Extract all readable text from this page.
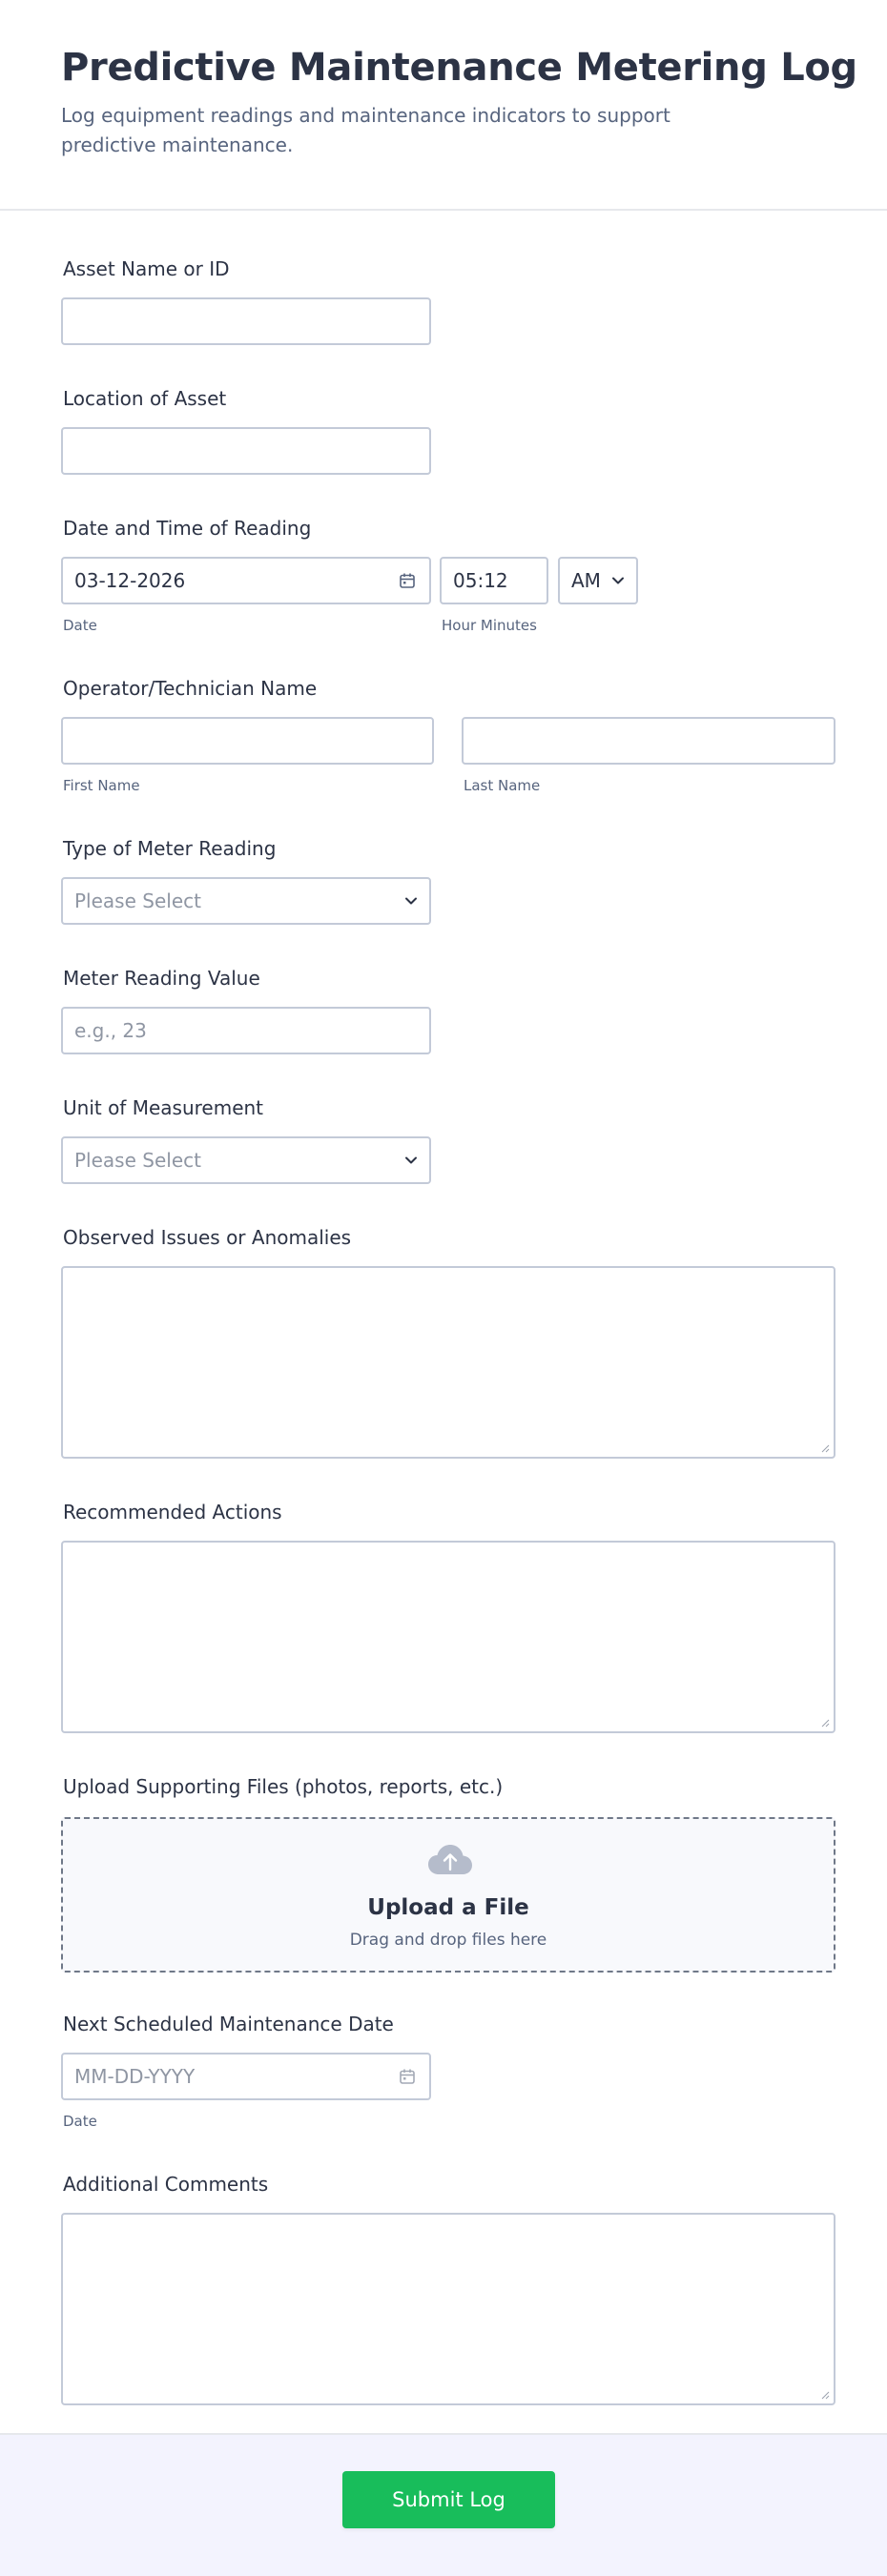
Predictive Maintenance Metering Log

Log equipment readings and maintenance indicators to support predictive maintenance.

Asset Name or ID
Location of Asset
Date and Time of Reading
03-12-2026
Date
05:12
Hour Minutes
AM
Operator/Technician Name
First Name	Last Name
Type of Meter Reading
Please Select
Meter Reading Value
e.g., 23
Unit of Measurement
Please Select
Observed Issues or Anomalies
Recommended Actions
Upload Supporting Files (photos, reports, etc.)
Upload a File
Drag and drop files here
Next Scheduled Maintenance Date
MM-DD-YYYY
Date
Additional Comments
Submit Log
